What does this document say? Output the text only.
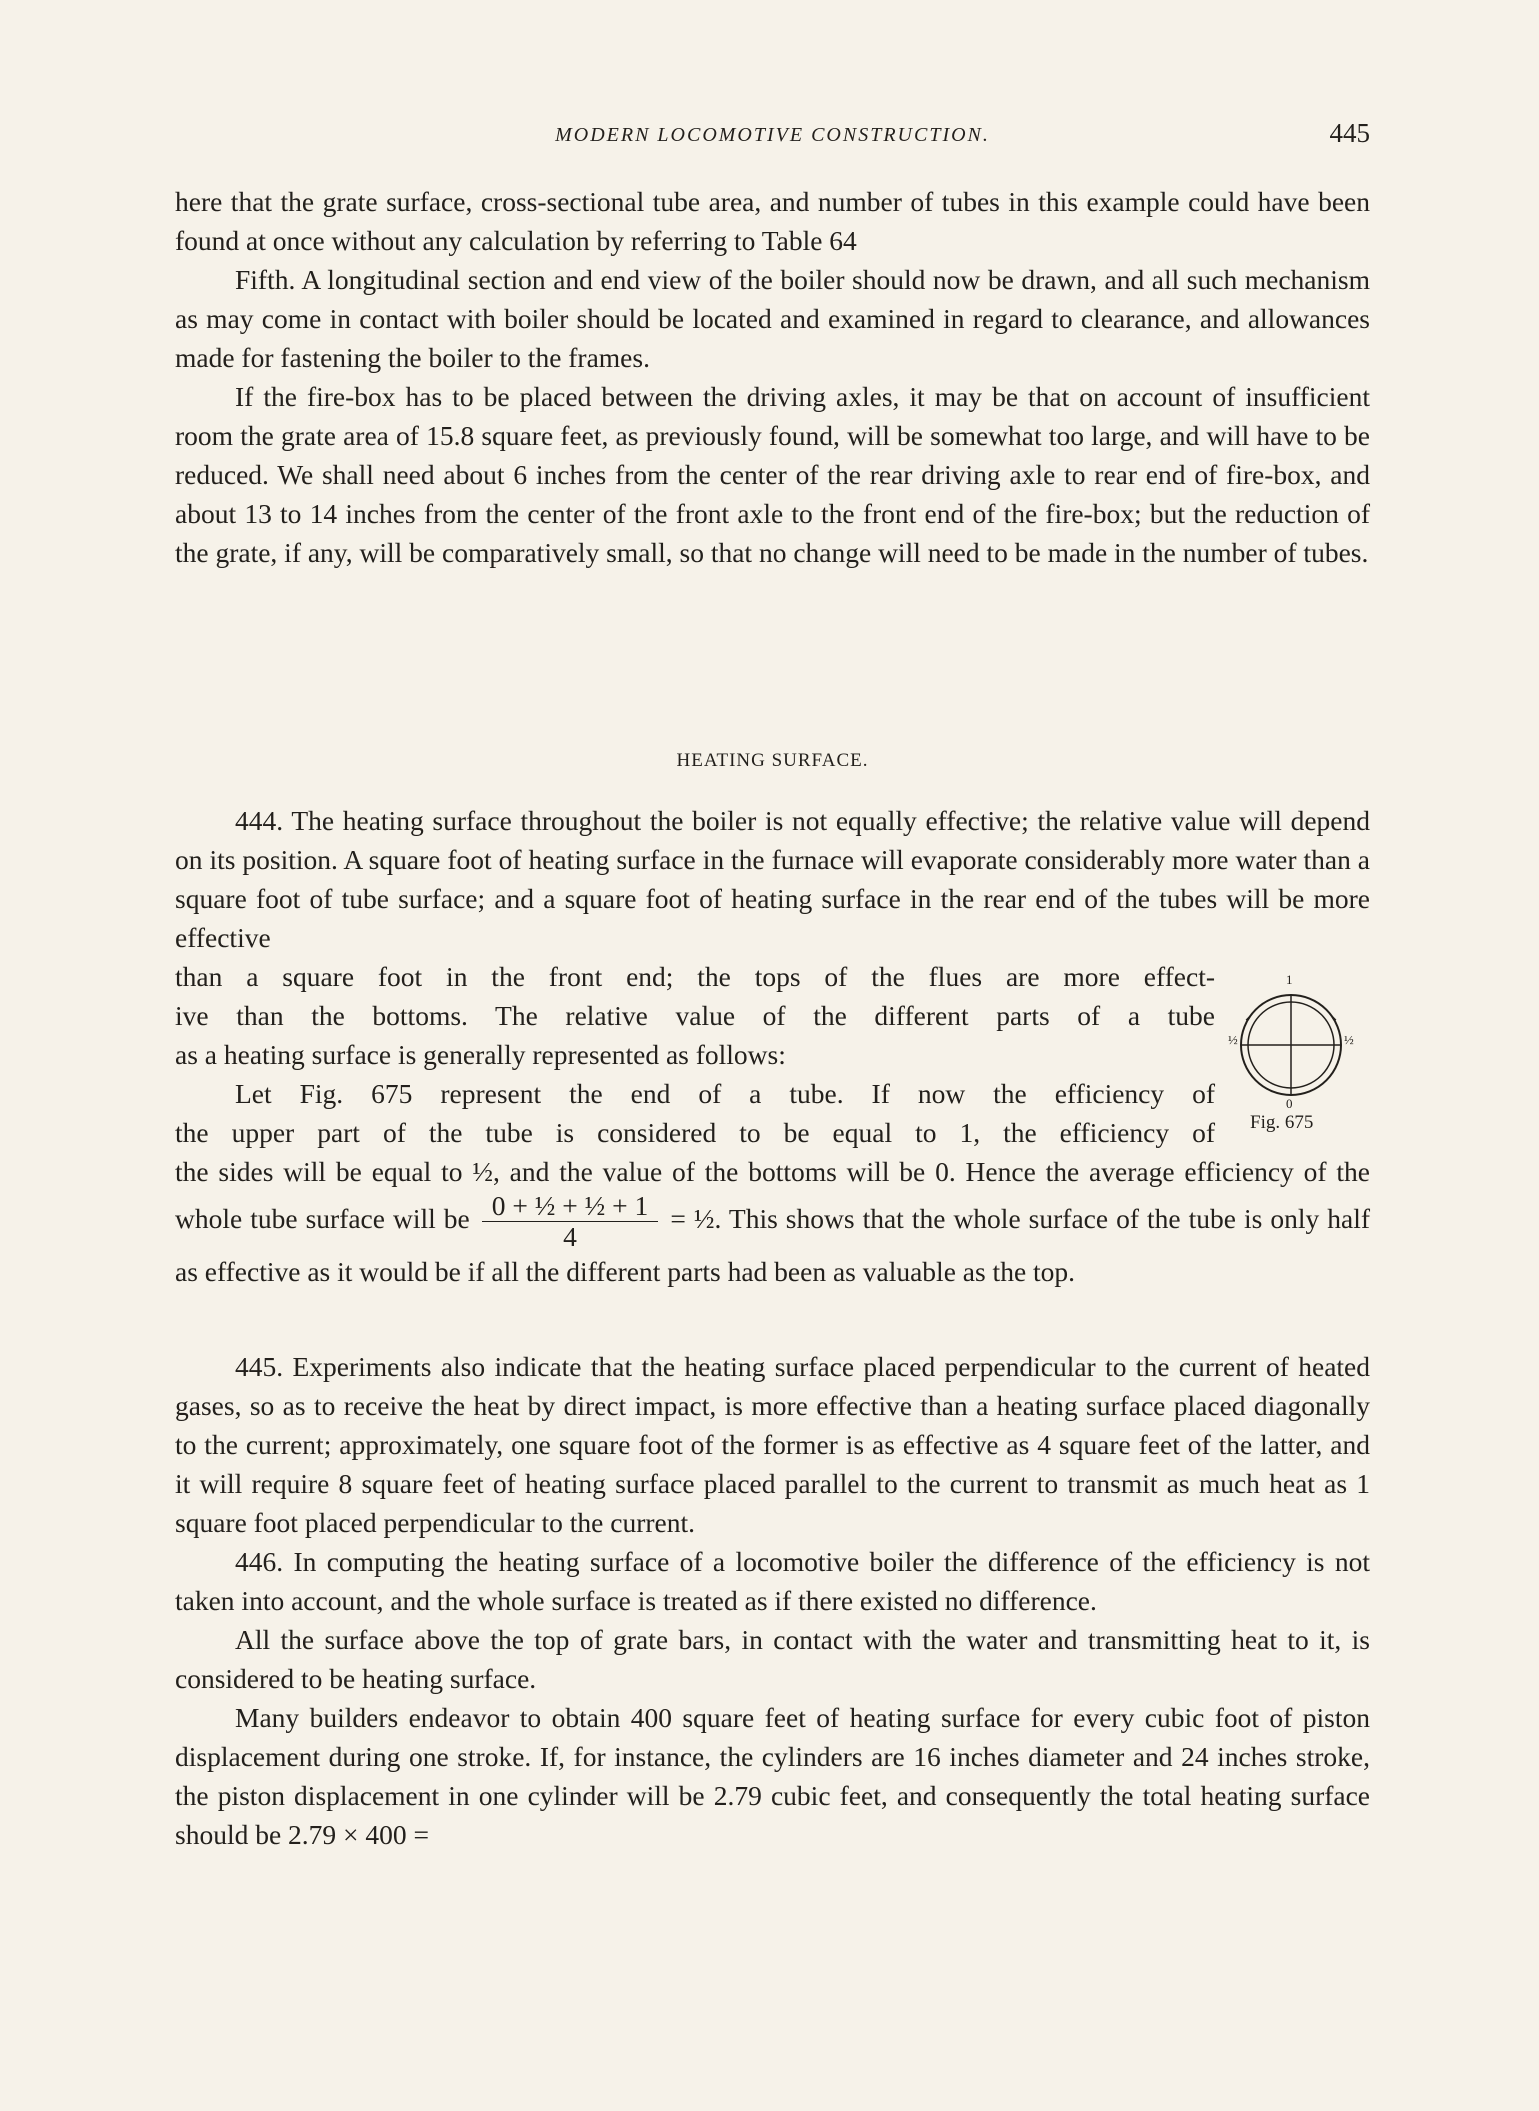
MODERN LOCOMOTIVE CONSTRUCTION.	445

here that the grate surface, cross-sectional tube area, and number of tubes in this example could have been found at once without any calculation by referring to Table 64

Fifth. A longitudinal section and end view of the boiler should now be drawn, and all such mechanism as may come in contact with boiler should be located and examined in regard to clearance, and allowances made for fastening the boiler to the frames.

If the fire-box has to be placed between the driving axles, it may be that on account of insufficient room the grate area of 15.8 square feet, as previously found, will be somewhat too large, and will have to be reduced. We shall need about 6 inches from the center of the rear driving axle to rear end of fire-box, and about 13 to 14 inches from the center of the front axle to the front end of the fire-box; but the reduction of the grate, if any, will be comparatively small, so that no change will need to be made in the number of tubes.

HEATING SURFACE.

444. The heating surface throughout the boiler is not equally effective; the relative value will depend on its position. A square foot of heating surface in the furnace will evaporate considerably more water than a square foot of tube surface; and a square foot of heating surface in the rear end of the tubes will be more effective

than a square foot in the front end; the tops of the flues are more effect-
ive than the bottoms. The relative value of the different parts of a tube
as a heating surface is generally represented as follows:
Let Fig. 675 represent the end of a tube. If now the efficiency of
the upper part of the tube is considered to be equal to 1, the efficiency of

the sides will be equal to ½, and the value of the bottoms will be 0. Hence the average efficiency of the whole tube surface will be $\frac{\text{0 + ½ + ½ + 1}}{4}$ = ½. This shows that the whole surface of the tube is only half as effective as it would be if all the different parts had been as valuable as the top.

1
½	½
0
Fig. 675

445. Experiments also indicate that the heating surface placed perpendicular to the current of heated gases, so as to receive the heat by direct impact, is more effective than a heating surface placed diagonally to the current; approximately, one square foot of the former is as effective as 4 square feet of the latter, and it will require 8 square feet of heating surface placed parallel to the current to transmit as much heat as 1 square foot placed perpendicular to the current.

446. In computing the heating surface of a locomotive boiler the difference of the efficiency is not taken into account, and the whole surface is treated as if there existed no difference.

All the surface above the top of grate bars, in contact with the water and transmitting heat to it, is considered to be heating surface.

Many builders endeavor to obtain 400 square feet of heating surface for every cubic foot of piston displacement during one stroke. If, for instance, the cylinders are 16 inches diameter and 24 inches stroke, the piston displacement in one cylinder will be 2.79 cubic feet, and consequently the total heating surface should be 2.79 × 400 =
